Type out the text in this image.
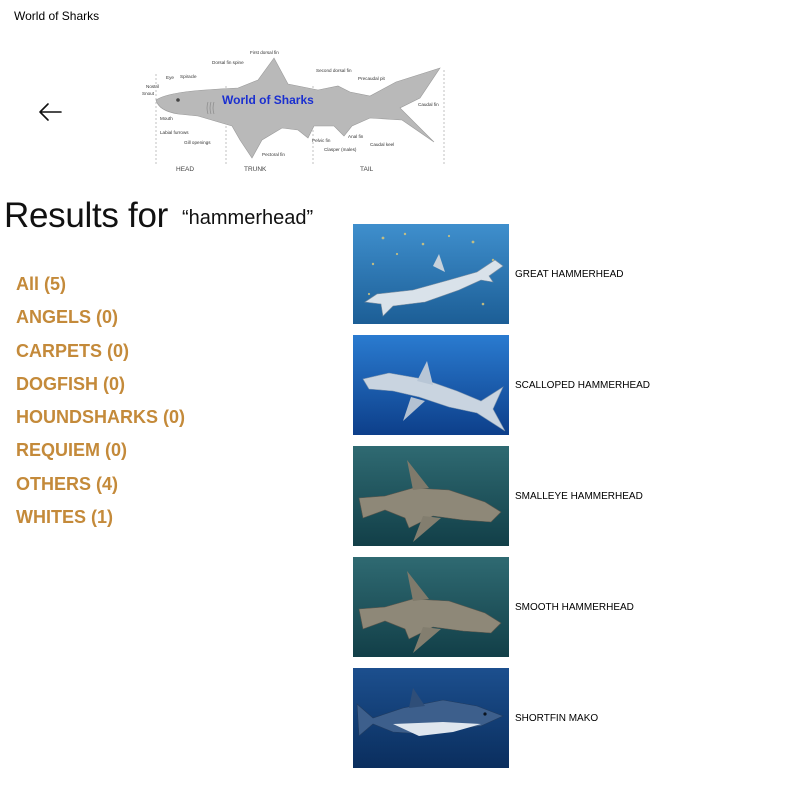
World of Sharks
World of Sharks
First dorsal fin
Dorsal fin spine
Second dorsal fin
Precaudal pit
Eye Spiracle
Nostril
Snout
Caudal fin
Mouth
Labial furrows
Gill openings	Pelvic fin
Anal fin
Clasper (males)
Caudal keel
Pectoral fin
HEAD	TRUNK	TAIL
Results for “hammerhead”
All (5)
ANGELS (0)
CARPETS (0)
DOGFISH (0)
HOUNDSHARKS (0)
REQUIEM (0)
OTHERS (4)
WHITES (1)
GREAT HAMMERHEAD
SCALLOPED HAMMERHEAD
SMALLEYE HAMMERHEAD
SMOOTH HAMMERHEAD
SHORTFIN MAKO
